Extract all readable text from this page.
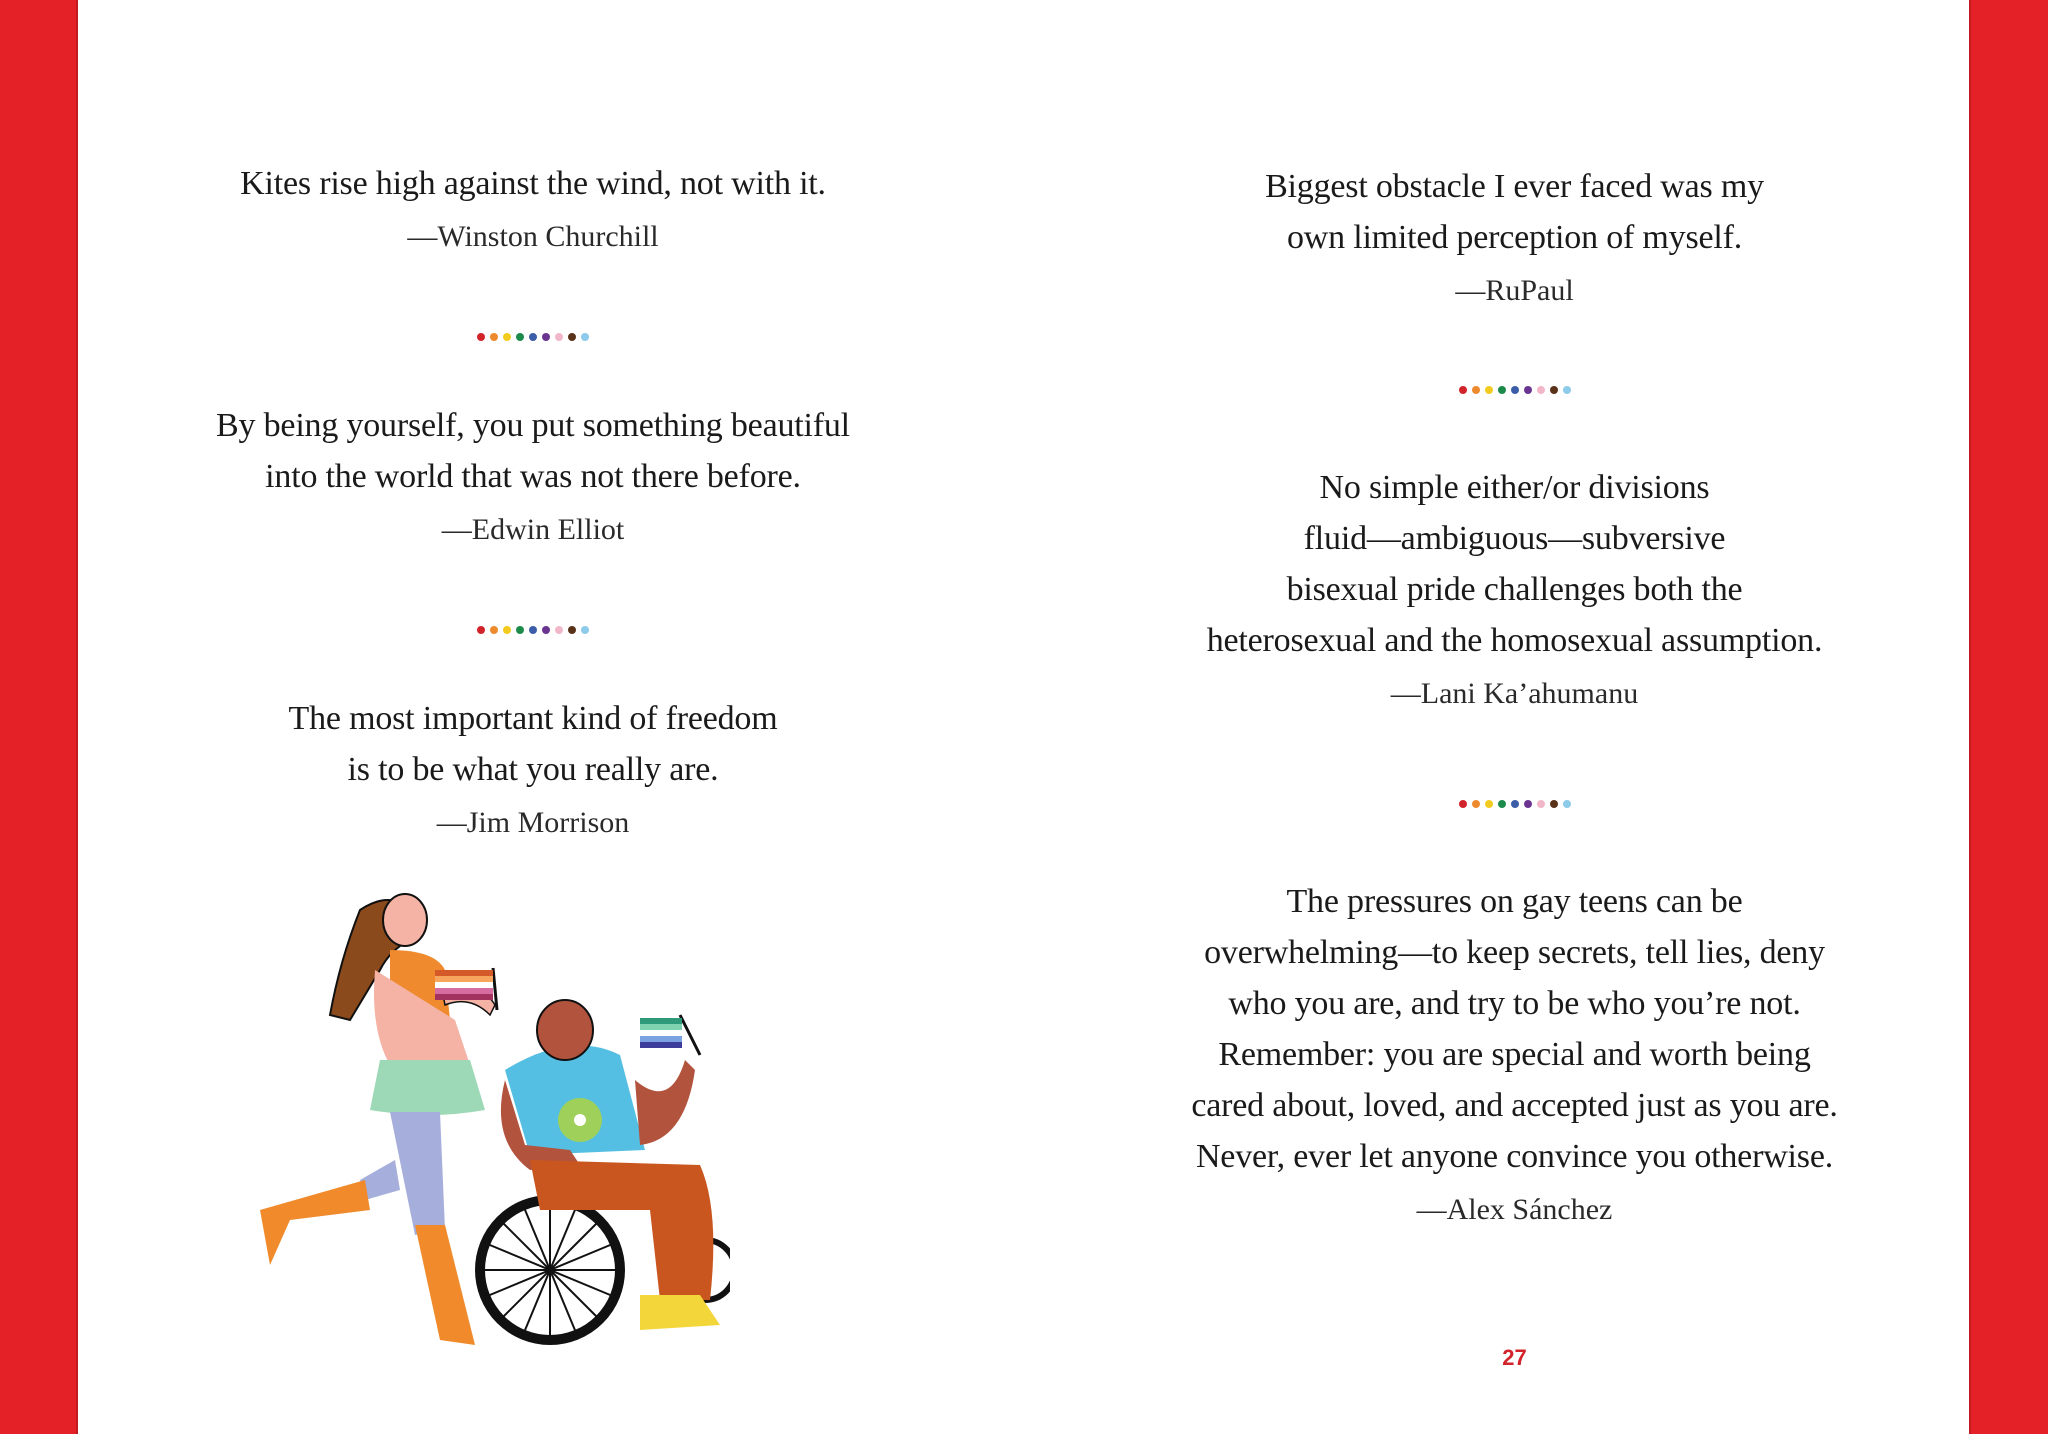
Kites rise high against the wind, not with it.
—Winston Churchill
By being yourself, you put something beautiful
into the world that was not there before.
—Edwin Elliot
The most important kind of freedom
is to be what you really are.
—Jim Morrison
Biggest obstacle I ever faced was my
own limited perception of myself.
—RuPaul
No simple either/or divisions
fluid—ambiguous—subversive
bisexual pride challenges both the
heterosexual and the homosexual assumption.
—Lani Ka’ahumanu
The pressures on gay teens can be
overwhelming—to keep secrets, tell lies, deny
who you are, and try to be who you’re not.
Remember: you are special and worth being
cared about, loved, and accepted just as you are.
Never, ever let anyone convince you otherwise.
—Alex Sánchez
27
